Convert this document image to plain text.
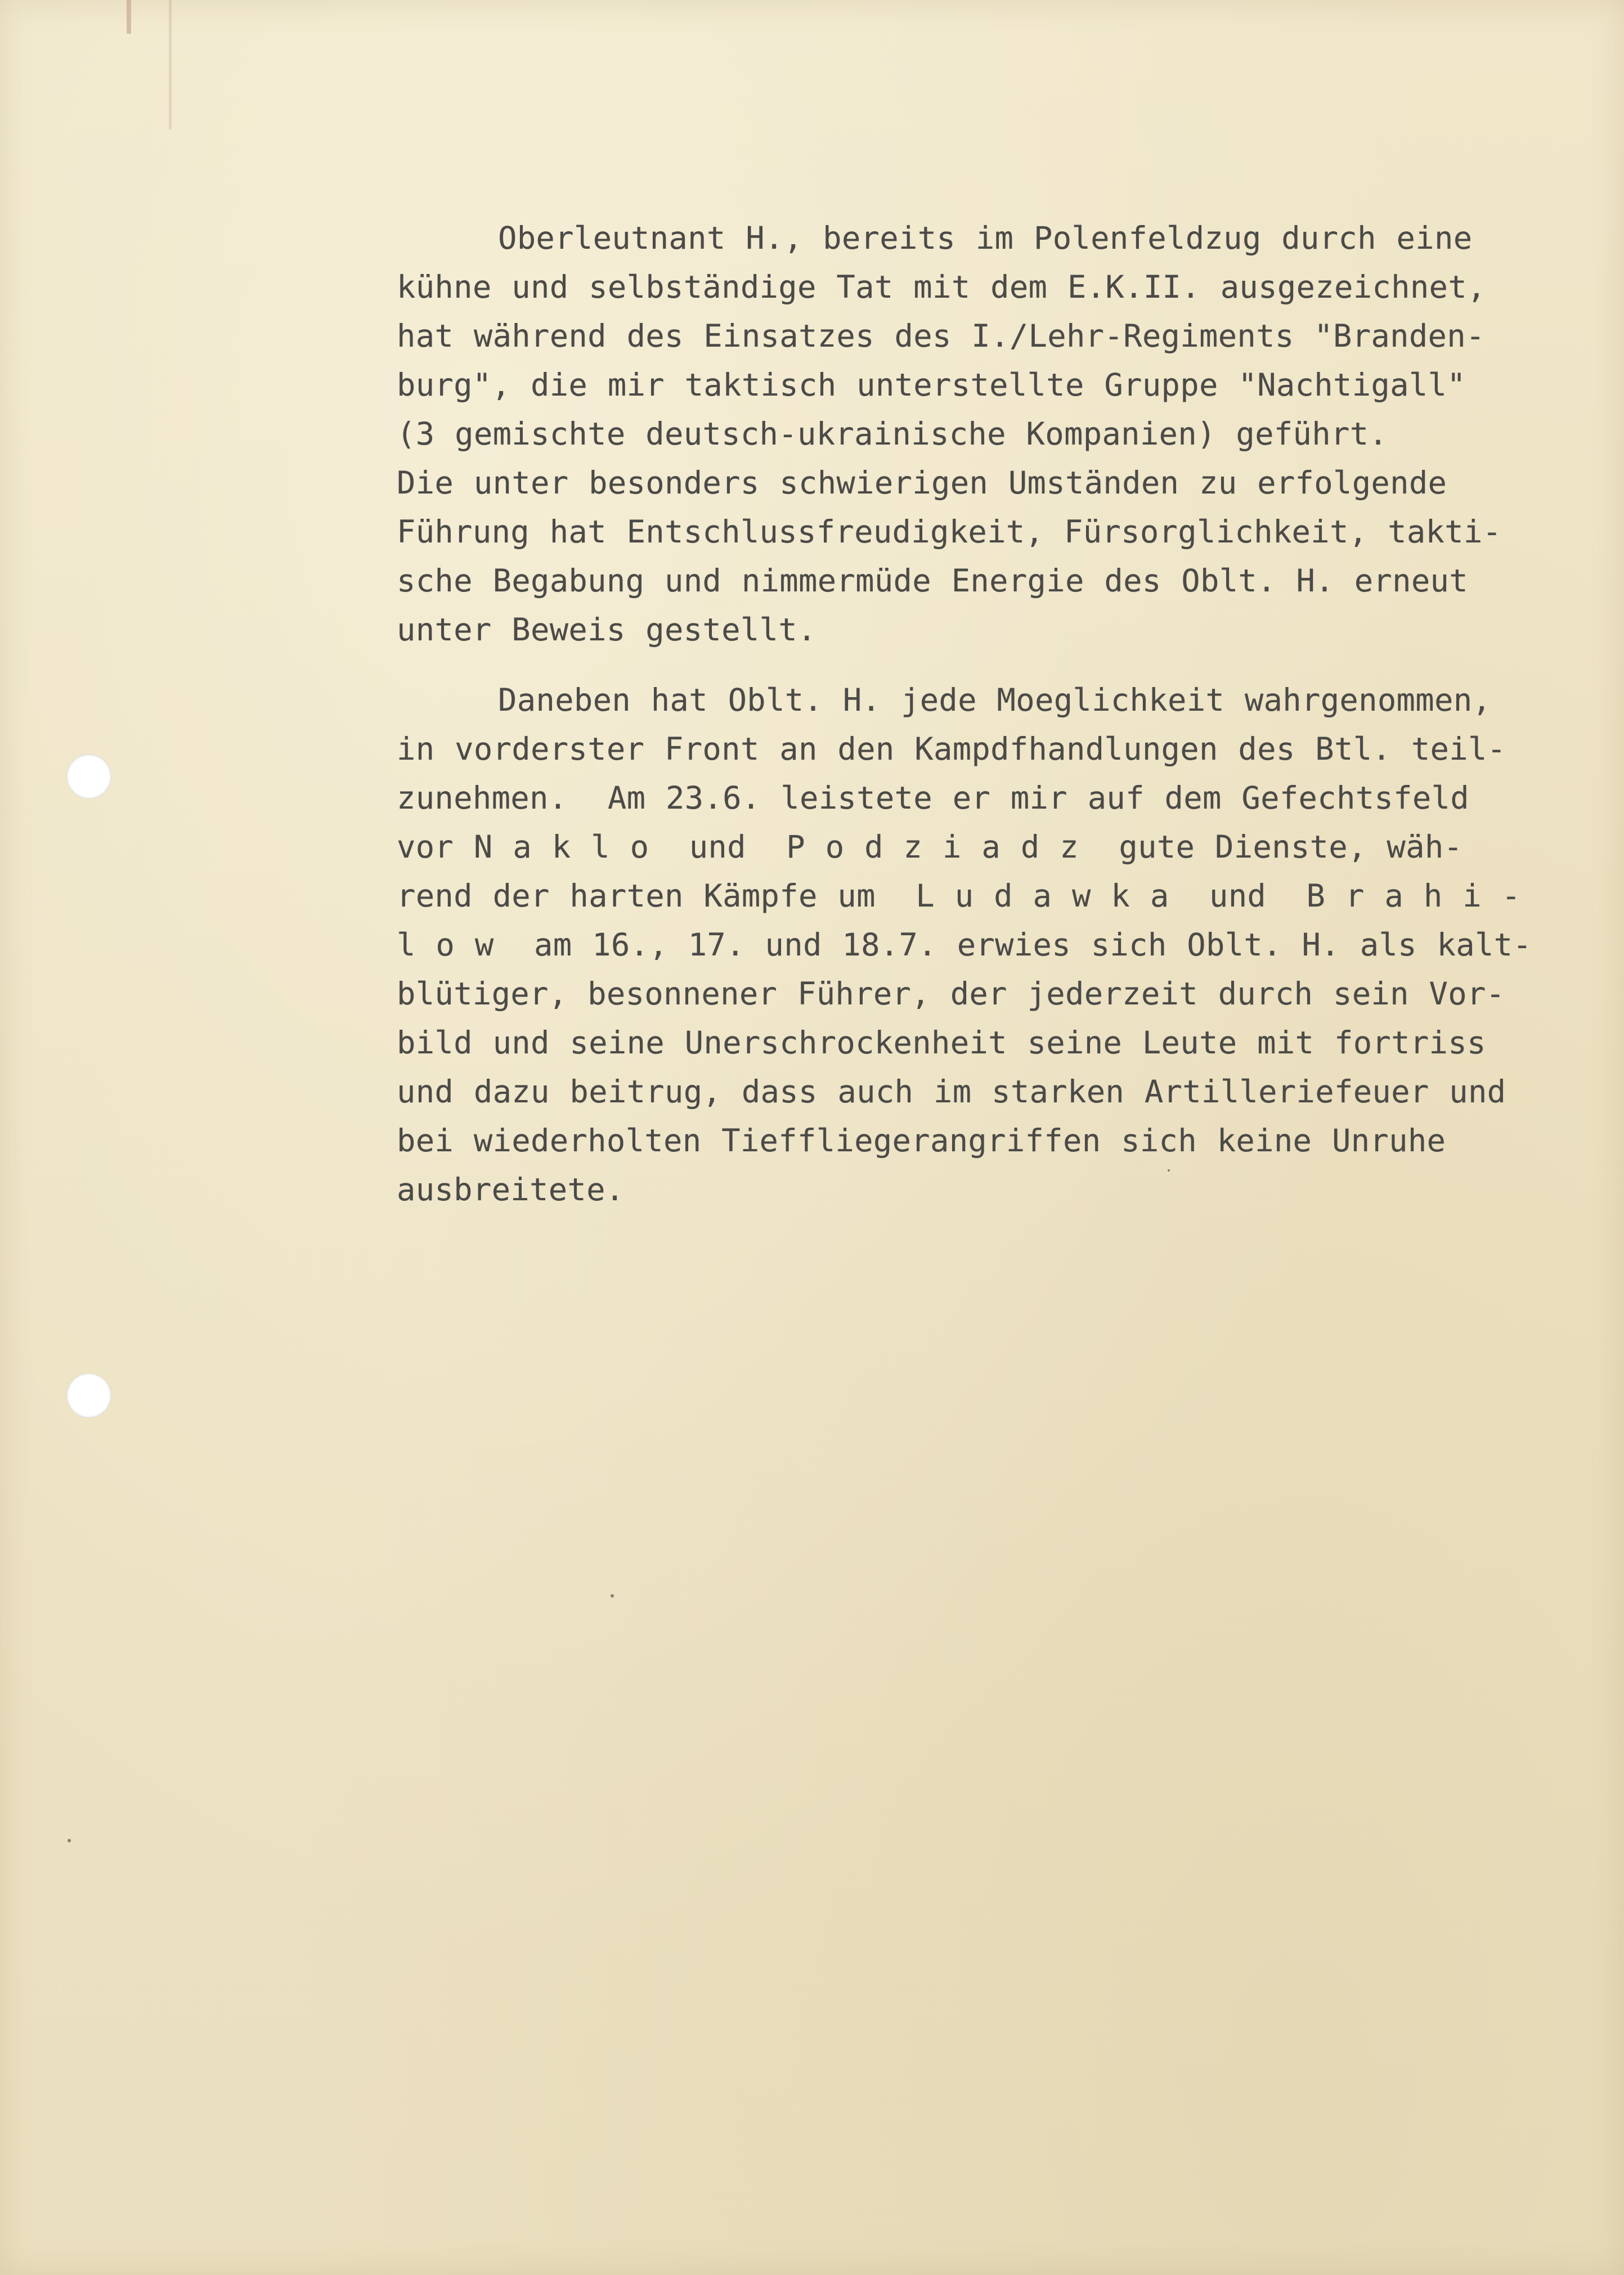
Oberleutnant H., bereits im Polenfeldzug durch eine
kühne und selbständige Tat mit dem E.K.II. ausgezeichnet,
hat während des Einsatzes des I./Lehr-Regiments "Branden-
burg", die mir taktisch unterstellte Gruppe "Nachtigall"
(3 gemischte deutsch-ukrainische Kompanien) geführt.
Die unter besonders schwierigen Umständen zu erfolgende
Führung hat Entschlussfreudigkeit, Fürsorglichkeit, takti-
sche Begabung und nimmermüde Energie des Oblt. H. erneut
unter Beweis gestellt.
Daneben hat Oblt. H. jede Moeglichkeit wahrgenommen,
in vorderster Front an den Kampdfhandlungen des Btl. teil-
zunehmen.  Am 23.6. leistete er mir auf dem Gefechtsfeld
vor N a k l o  und  P o d z i a d z  gute Dienste, wäh-
rend der harten Kämpfe um  L u d a w k a  und  B r a h i -
l o w  am 16., 17. und 18.7. erwies sich Oblt. H. als kalt-
blütiger, besonnener Führer, der jederzeit durch sein Vor-
bild und seine Unerschrockenheit seine Leute mit fortriss
und dazu beitrug, dass auch im starken Artilleriefeuer und
bei wiederholten Tieffliegerangriffen sich keine Unruhe
ausbreitete.
